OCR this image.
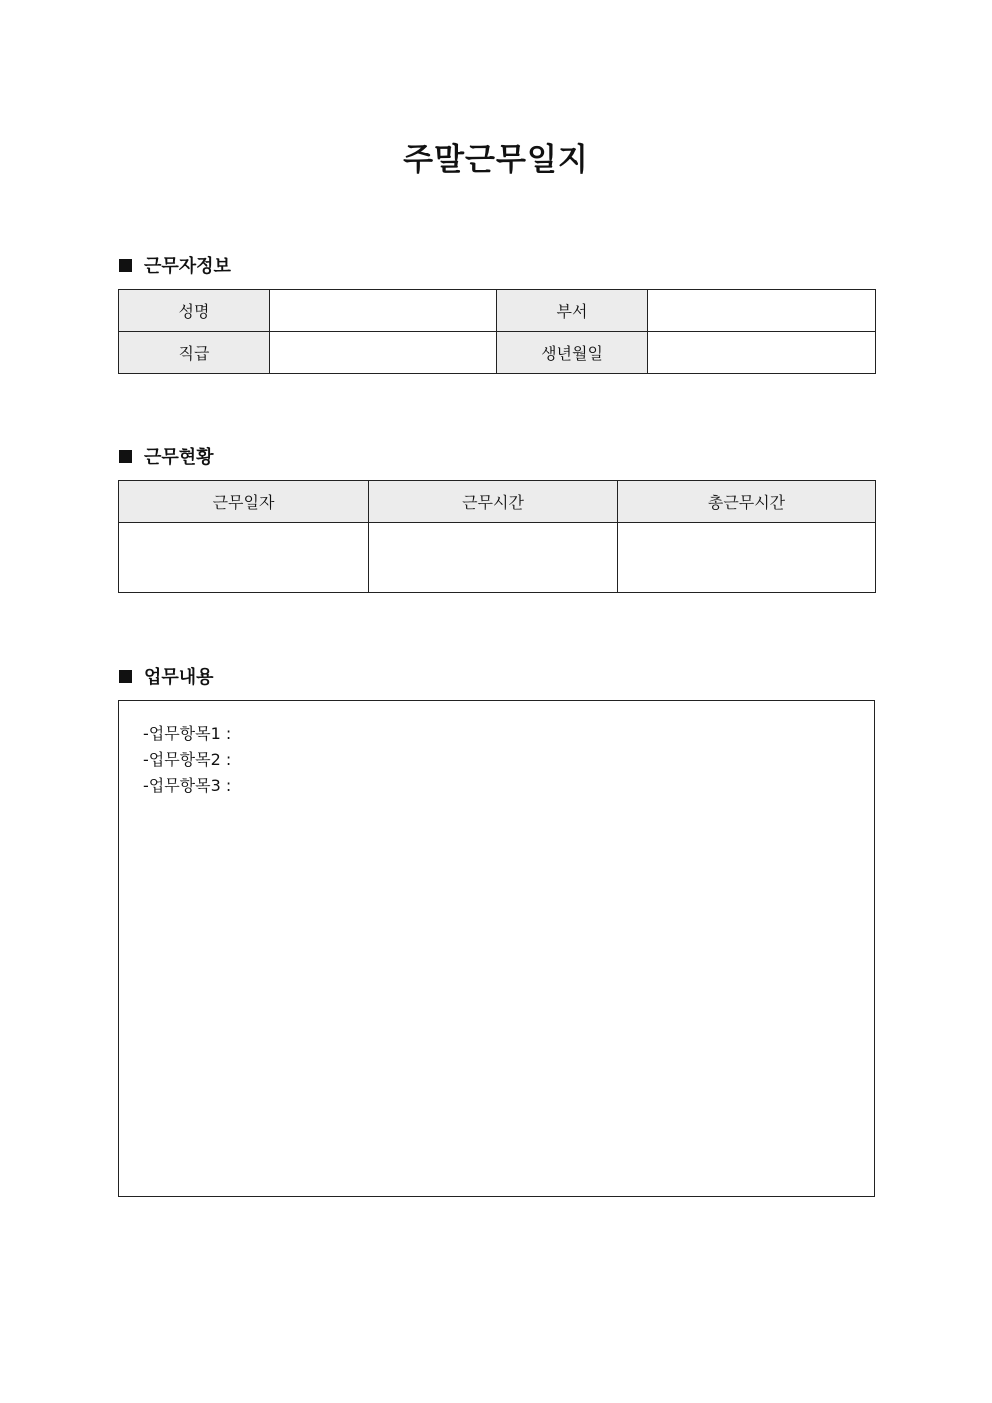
주말근무일지
근무자정보
성명		부서	
직급		생년월일	
근무현황
근무일자	근무시간	총근무시간

업무내용
-업무항목1 :
-업무항목2 :
-업무항목3 :
